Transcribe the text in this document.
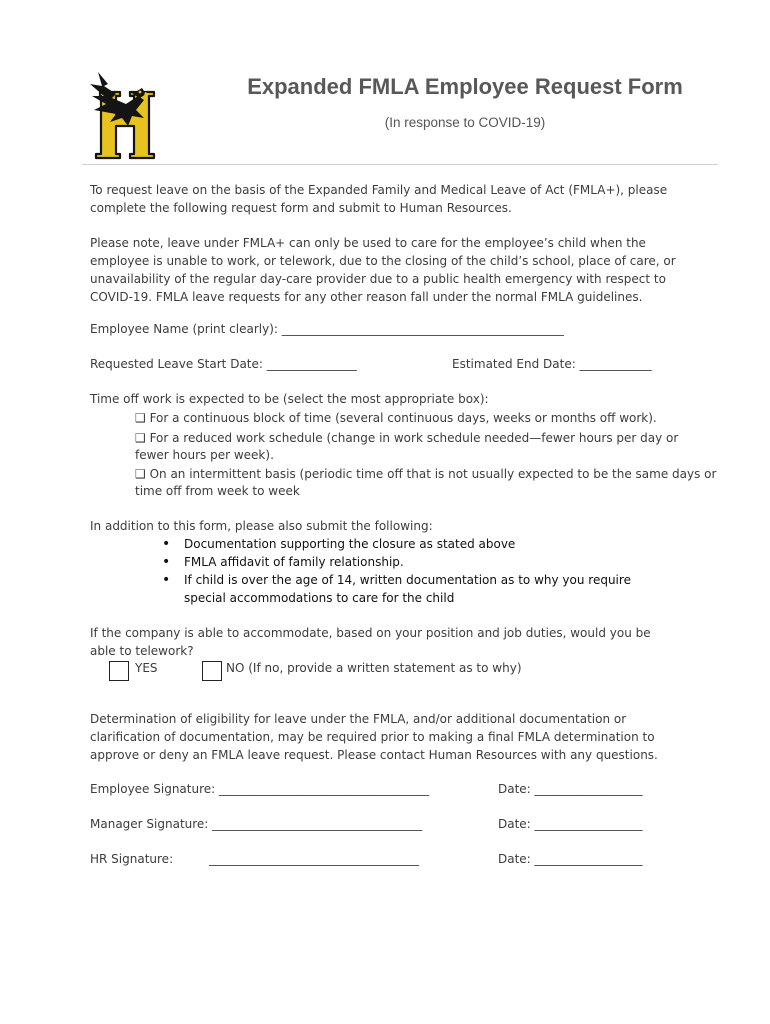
Expanded FMLA Employee Request Form
(In response to COVID-19)
To request leave on the basis of the Expanded Family and Medical Leave of Act (FMLA+), please complete the following request form and submit to Human Resources.
Please note, leave under FMLA+ can only be used to care for the employee’s child when the employee is unable to work, or telework, due to the closing of the child’s school, place of care, or unavailability of the regular day-care provider due to a public health emergency with respect to COVID-19. FMLA leave requests for any other reason fall under the normal FMLA guidelines.
Employee Name (print clearly): _______________________________________________
Requested Leave Start Date: _______________	Estimated End Date: ____________
Time off work is expected to be (select the most appropriate box):
❑ For a continuous block of time (several continuous days, weeks or months off work).
❑ For a reduced work schedule (change in work schedule needed—fewer hours per day or
fewer hours per week).
❑ On an intermittent basis (periodic time off that is not usually expected to be the same days or
time off from week to week
In addition to this form, please also submit the following:
• Documentation supporting the closure as stated above
• FMLA affidavit of family relationship.
• If child is over the age of 14, written documentation as to why you require special accommodations to care for the child
If the company is able to accommodate, based on your position and job duties, would you be able to telework?
YES	NO (If no, provide a written statement as to why)
Determination of eligibility for leave under the FMLA, and/or additional documentation or clarification of documentation, may be required prior to making a final FMLA determination to approve or deny an FMLA leave request. Please contact Human Resources with any questions.
Employee Signature: ___________________________________	Date: __________________
Manager Signature: ___________________________________	Date: __________________
HR Signature:	___________________________________	Date: __________________
